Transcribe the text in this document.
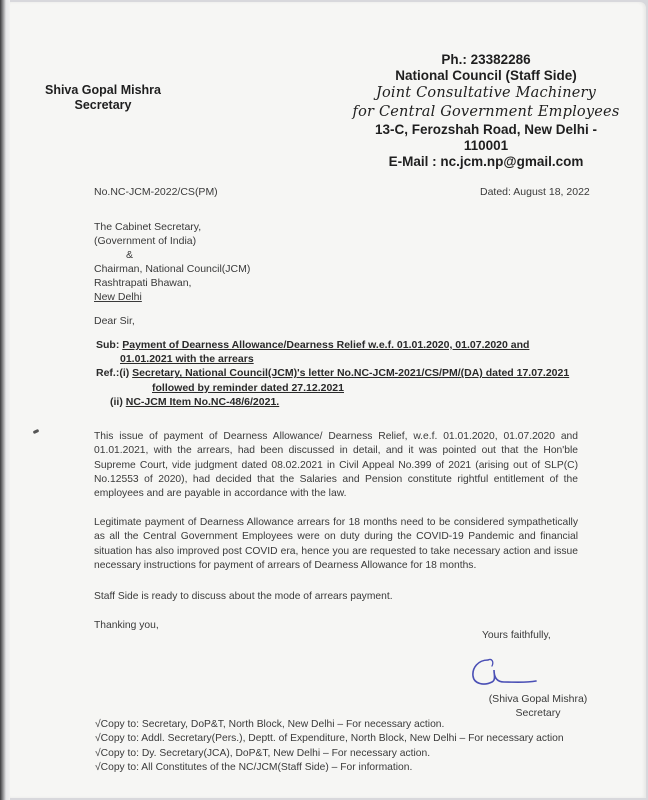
Shiva Gopal Mishra
Secretary
Ph.: 23382286
National Council (Staff Side)
Joint Consultative Machinery
for Central Government Employees
13-C, Ferozshah Road, New Delhi - 110001
E-Mail : nc.jcm.np@gmail.com
No.NC-JCM-2022/CS(PM)	Dated: August 18, 2022
The Cabinet Secretary,
(Government of India)
&
Chairman, National Council(JCM)
Rashtrapati Bhawan,
New Delhi
Dear Sir,
Sub: Payment of Dearness Allowance/Dearness Relief w.e.f. 01.01.2020, 01.07.2020 and
01.01.2021 with the arrears
Ref.:(i) Secretary, National Council(JCM)'s letter No.NC-JCM-2021/CS/PM/(DA) dated 17.07.2021
followed by reminder dated 27.12.2021
(ii) NC-JCM Item No.NC-48/6/2021.
This issue of payment of Dearness Allowance/ Dearness Relief, w.e.f. 01.01.2020, 01.07.2020 and 01.01.2021, with the arrears, had been discussed in detail, and it was pointed out that the Hon'ble Supreme Court, vide judgment dated 08.02.2021 in Civil Appeal No.399 of 2021 (arising out of SLP(C) No.12553 of 2020), had decided that the Salaries and Pension constitute rightful entitlement of the employees and are payable in accordance with the law.
Legitimate payment of Dearness Allowance arrears for 18 months need to be considered sympathetically as all the Central Government Employees were on duty during the COVID-19 Pandemic and financial situation has also improved post COVID era, hence you are requested to take necessary action and issue necessary instructions for payment of arrears of Dearness Allowance for 18 months.
Staff Side is ready to discuss about the mode of arrears payment.
Thanking you,
Yours faithfully,
(Shiva Gopal Mishra)
Secretary
√Copy to: Secretary, DoP&T, North Block, New Delhi – For necessary action.
√Copy to: Addl. Secretary(Pers.), Deptt. of Expenditure, North Block, New Delhi – For necessary action
√Copy to: Dy. Secretary(JCA), DoP&T, New Delhi – For necessary action.
√Copy to: All Constitutes of the NC/JCM(Staff Side) – For information.
